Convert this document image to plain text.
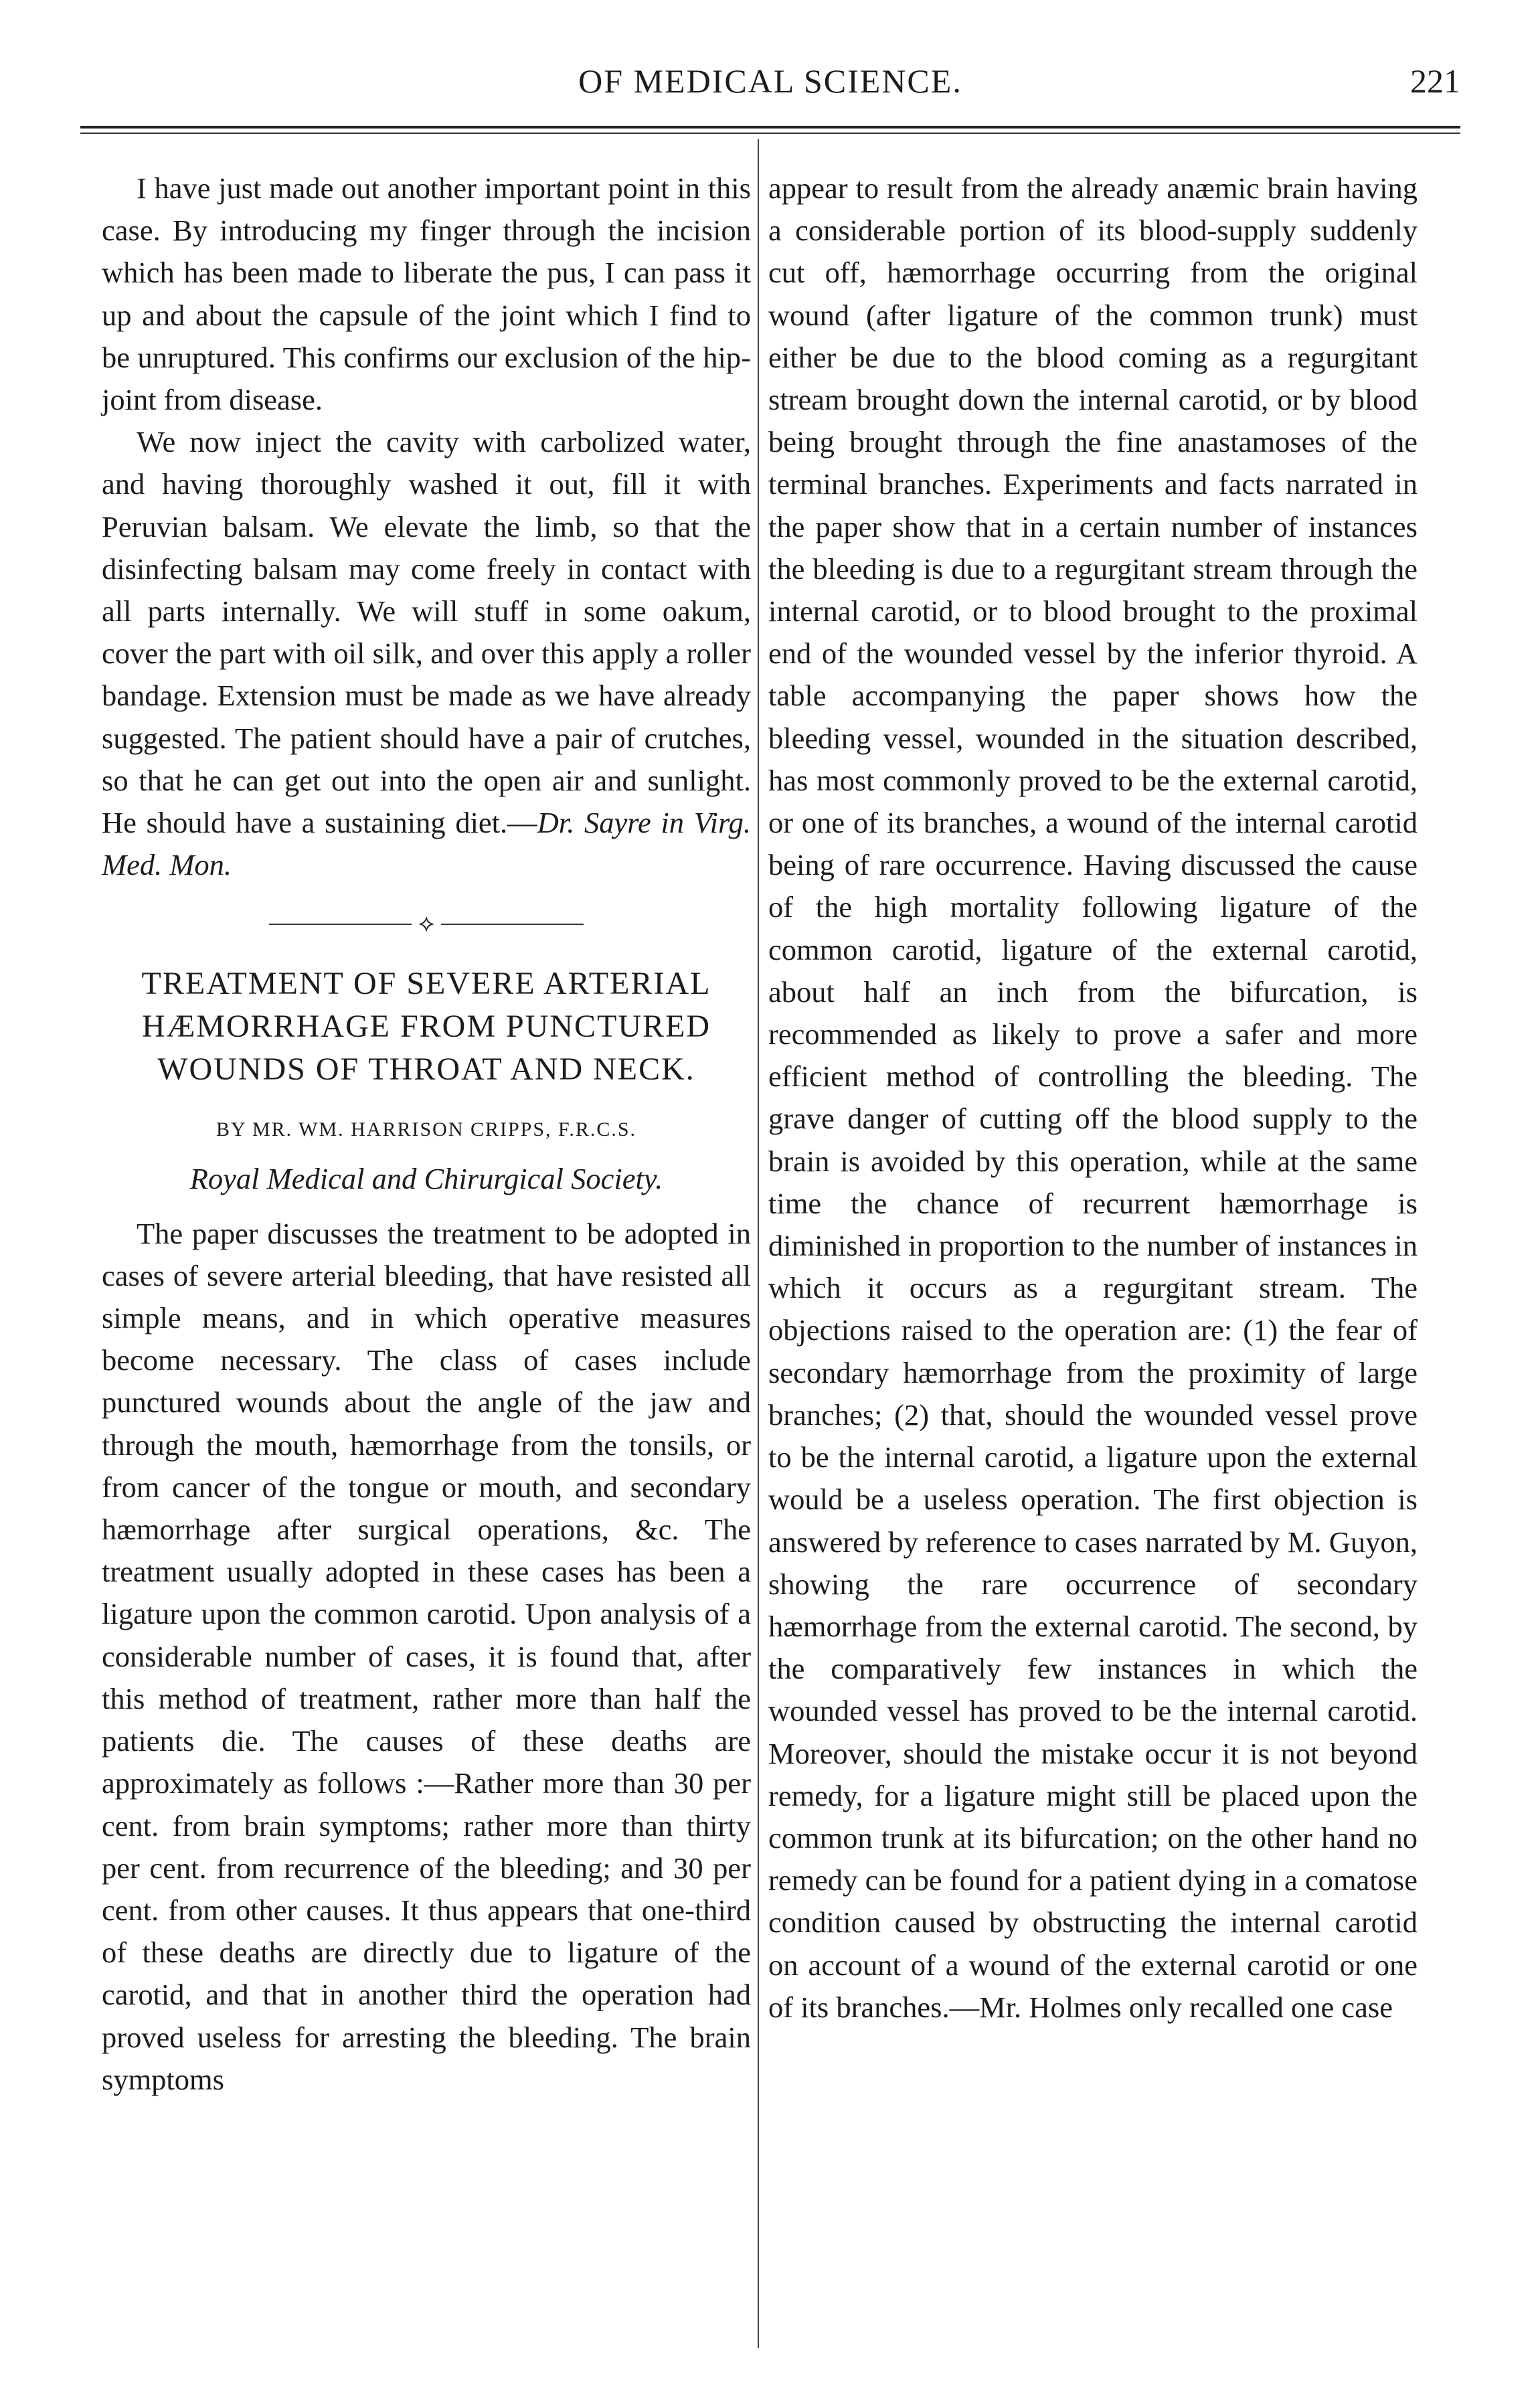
OF MEDICAL SCIENCE.	221

I have just made out another important point in this case. By introducing my finger through the incision which has been made to liberate the pus, I can pass it up and about the capsule of the joint which I find to be unruptured. This confirms our exclusion of the hip-joint from disease.

We now inject the cavity with carbolized water, and having thoroughly washed it out, fill it with Peruvian balsam. We elevate the limb, so that the disinfecting balsam may come freely in contact with all parts internally. We will stuff in some oakum, cover the part with oil silk, and over this apply a roller bandage. Extension must be made as we have already suggested. The patient should have a pair of crutches, so that he can get out into the open air and sunlight. He should have a sustaining diet.—Dr. Sayre in Virg. Med. Mon.

⟡
TREATMENT OF SEVERE ARTERIAL HÆMORRHAGE FROM PUNCTURED WOUNDS OF THROAT AND NECK.
BY MR. WM. HARRISON CRIPPS, F.R.C.S.
Royal Medical and Chirurgical Society.

The paper discusses the treatment to be adopted in cases of severe arterial bleeding, that have resisted all simple means, and in which operative measures become necessary. The class of cases include punctured wounds about the angle of the jaw and through the mouth, hæmorrhage from the tonsils, or from cancer of the tongue or mouth, and secondary hæmorrhage after surgical operations, &c. The treatment usually adopted in these cases has been a ligature upon the common carotid. Upon analysis of a considerable number of cases, it is found that, after this method of treatment, rather more than half the patients die. The causes of these deaths are approximately as follows :—Rather more than 30 per cent. from brain symptoms; rather more than thirty per cent. from recurrence of the bleeding; and 30 per cent. from other causes. It thus appears that one-third of these deaths are directly due to ligature of the carotid, and that in another third the operation had proved useless for arresting the bleeding. The brain symptoms

appear to result from the already anæmic brain having a considerable portion of its blood-supply suddenly cut off, hæmorrhage occurring from the original wound (after ligature of the common trunk) must either be due to the blood coming as a regurgitant stream brought down the internal carotid, or by blood being brought through the fine anastamoses of the terminal branches. Experiments and facts narrated in the paper show that in a certain number of instances the bleeding is due to a regurgitant stream through the internal carotid, or to blood brought to the proximal end of the wounded vessel by the inferior thyroid. A table accompanying the paper shows how the bleeding vessel, wounded in the situation described, has most commonly proved to be the external carotid, or one of its branches, a wound of the internal carotid being of rare occurrence. Having discussed the cause of the high mortality following ligature of the common carotid, ligature of the external carotid, about half an inch from the bifurcation, is recommended as likely to prove a safer and more efficient method of controlling the bleeding. The grave danger of cutting off the blood supply to the brain is avoided by this operation, while at the same time the chance of recurrent hæmorrhage is diminished in proportion to the number of instances in which it occurs as a regurgitant stream. The objections raised to the operation are: (1) the fear of secondary hæmorrhage from the proximity of large branches; (2) that, should the wounded vessel prove to be the internal carotid, a ligature upon the external would be a useless operation. The first objection is answered by reference to cases narrated by M. Guyon, showing the rare occurrence of secondary hæmorrhage from the external carotid. The second, by the comparatively few instances in which the wounded vessel has proved to be the internal carotid. Moreover, should the mistake occur it is not beyond remedy, for a ligature might still be placed upon the common trunk at its bifurcation; on the other hand no remedy can be found for a patient dying in a comatose condition caused by obstructing the internal carotid on account of a wound of the external carotid or one of its branches.—Mr. Holmes only recalled one case
